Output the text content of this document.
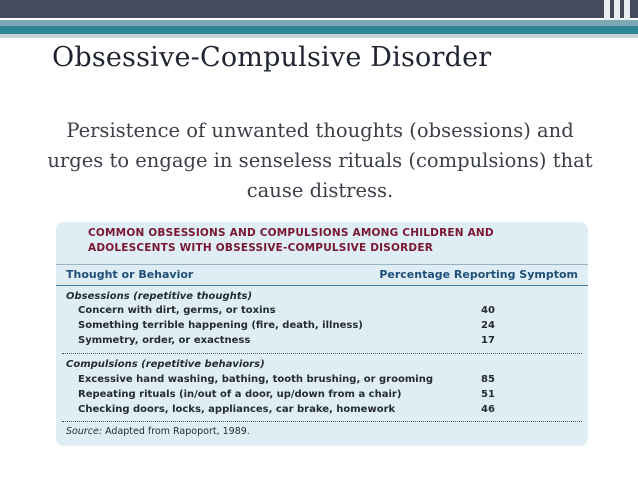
Obsessive-Compulsive Disorder
Persistence of unwanted thoughts (obsessions) and urges to engage in senseless rituals (compulsions) that cause distress.
COMMON OBSESSIONS AND COMPULSIONS AMONG CHILDREN AND
ADOLESCENTS WITH OBSESSIVE-COMPULSIVE DISORDER
Thought or Behavior	Percentage Reporting Symptom
Obsessions (repetitive thoughts)
Concern with dirt, germs, or toxins	40
Something terrible happening (fire, death, illness)	24
Symmetry, order, or exactness	17
Compulsions (repetitive behaviors)
Excessive hand washing, bathing, tooth brushing, or grooming	85
Repeating rituals (in/out of a door, up/down from a chair)	51
Checking doors, locks, appliances, car brake, homework	46
Source: Adapted from Rapoport, 1989.
